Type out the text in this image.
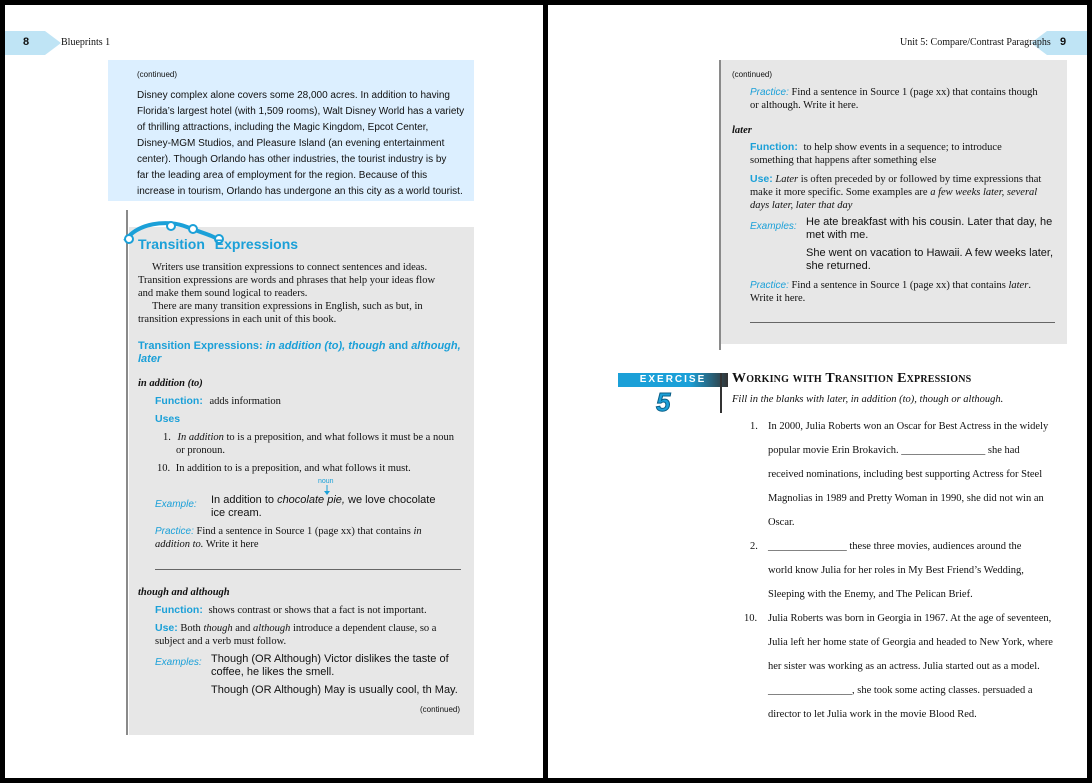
8	Blueprints 1
(continued)
Disney complex alone covers some 28,000 acres. In addition to having
Florida’s largest hotel (with 1,509 rooms), Walt Disney World has a variety
of thrilling attractions, including the Magic Kingdom, Epcot Center,
Disney-MGM Studios, and Pleasure Island (an evening entertainment
center). Though Orlando has other industries, the tourist industry is by
far the leading area of employment for the region. Because of this
increase in tourism, Orlando has undergone an this city as a world tourist.
Transition Expressions
Writers use transition expressions to connect sentences and ideas.
Transition expressions are words and phrases that help your ideas flow
and make them sound logical to readers.
There are many transition expressions in English, such as but, in
transition expressions in each unit of this book.
Transition Expressions: in addition (to), though and although,
later
in addition (to)
Function: adds information
Uses
1. In addition to is a preposition, and what follows it must be a noun
or pronoun.
10. In addition to is a preposition, and what follows it must.
noun
Example: In addition to chocolate pie, we love chocolate
ice cream.
Practice: Find a sentence in Source 1 (page xx) that contains in
addition to. Write it here
though and although
Function: shows contrast or shows that a fact is not important.
Use: Both though and although introduce a dependent clause, so a
subject and a verb must follow.
Examples: Though (OR Although) Victor dislikes the taste of
coffee, he likes the smell.
Though (OR Although) May is usually cool, th May.
(continued)
9
Unit 5: Compare/Contrast Paragraphs
(continued)
Practice: Find a sentence in Source 1 (page xx) that contains though
or although. Write it here.
later
Function: to help show events in a sequence; to introduce
something that happens after something else
Use: Later is often preceded by or followed by time expressions that
make it more specific. Some examples are a few weeks later, several
days later, later that day
Examples: He ate breakfast with his cousin. Later that day, he
met with me.
She went on vacation to Hawaii. A few weeks later,
she returned.
Practice: Find a sentence in Source 1 (page xx) that contains later.
Write it here.
EXERCISE
5
Working with Transition Expressions
Fill in the blanks with later, in addition (to), though or although.
1. In 2000, Julia Roberts won an Oscar for Best Actress in the widely
popular movie Erin Brokavich. ________________ she had
received nominations, including best supporting Actress for Steel
Magnolias in 1989 and Pretty Woman in 1990, she did not win an
Oscar.
2. _______________ these three movies, audiences around the
world know Julia for her roles in My Best Friend’s Wedding,
Sleeping with the Enemy, and The Pelican Brief.
10. Julia Roberts was born in Georgia in 1967. At the age of seventeen,
Julia left her home state of Georgia and headed to New York, where
her sister was working as an actress. Julia started out as a model.
________________, she took some acting classes. persuaded a
director to let Julia work in the movie Blood Red.
